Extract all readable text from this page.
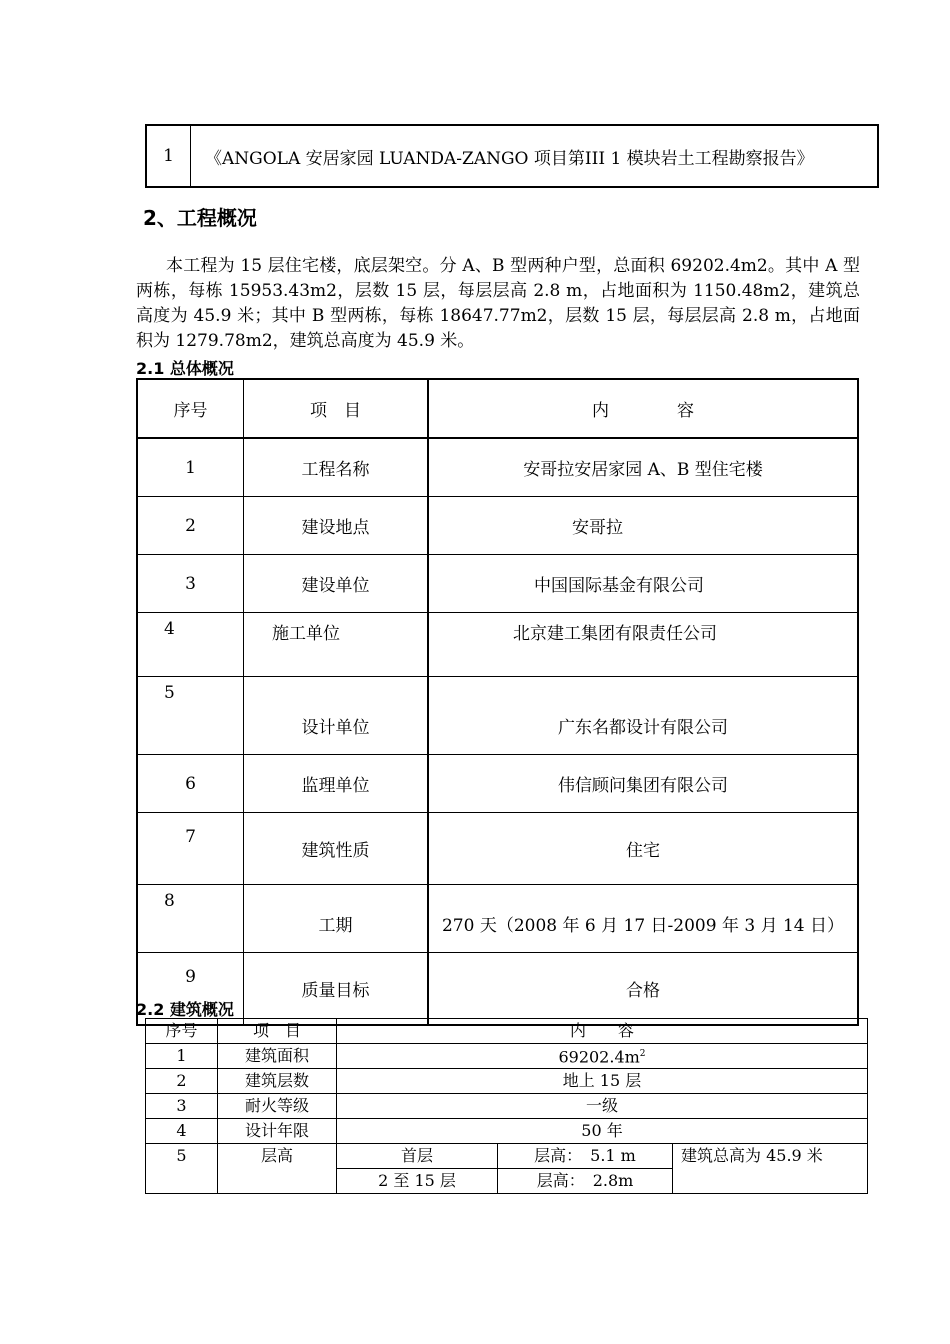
1	《ANGOLA 安居家园 LUANDA-ZANGO 项目第III 1 模块岩土工程勘察报告》
2、工程概况

本工程为 15 层住宅楼，底层架空。分 A、B 型两种户型，总面积 69202.4m2。其中 A 型两栋，每栋 15953.43m2，层数 15 层，每层层高 2.8 m，占地面积为 1150.48m2，建筑总高度为 45.9 米；其中 B 型两栋，每栋 18647.77m2，层数 15 层，每层层高 2.8 m，占地面积为 1279.78m2，建筑总高度为 45.9 米。

2.1 总体概况
序号	项　目	内　　　　容
1	工程名称	安哥拉安居家园 A、B 型住宅楼
2	建设地点	安哥拉
3	建设单位	中国国际基金有限公司
4	施工单位	北京建工集团有限责任公司
5	设计单位	广东名都设计有限公司
6	监理单位	伟信顾问集团有限公司
7	建筑性质	住宅
8	工期	270 天（2008 年 6 月 17 日-2009 年 3 月 14 日）
9	质量目标	合格
2.2 建筑概况
序号	项　目	内　　容		
1	建筑面积	$69202.4m^2$
2	建筑层数	地上 15 层		
3	耐火等级	一级		
4	设计年限	50 年		
5	层高	首层	层高：　5.1 m	建筑总高为 45.9 米
		2 至 15 层	层高：　2.8m	
